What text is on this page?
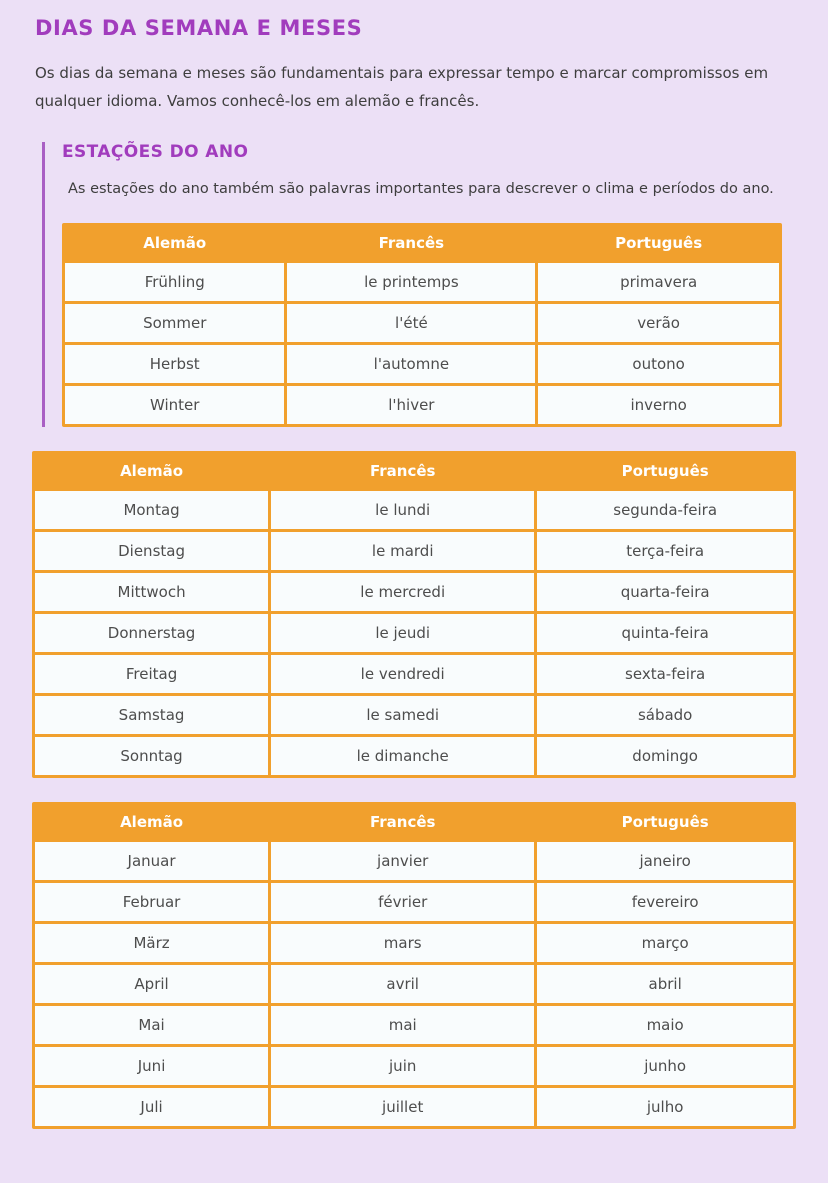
DIAS DA SEMANA E MESES

Os dias da semana e meses são fundamentais para expressar tempo e marcar compromissos em qualquer idioma. Vamos conhecê-los em alemão e francês.

ESTAÇÕES DO ANO

As estações do ano também são palavras importantes para descrever o clima e períodos do ano.

Alemão	Francês	Português
Frühling	le printemps	primavera
Sommer	l'été	verão
Herbst	l'automne	outono
Winter	l'hiver	inverno
Alemão	Francês	Português
Montag	le lundi	segunda-feira
Dienstag	le mardi	terça-feira
Mittwoch	le mercredi	quarta-feira
Donnerstag	le jeudi	quinta-feira
Freitag	le vendredi	sexta-feira
Samstag	le samedi	sábado
Sonntag	le dimanche	domingo
Alemão	Francês	Português
Januar	janvier	janeiro
Februar	février	fevereiro
März	mars	março
April	avril	abril
Mai	mai	maio
Juni	juin	junho
Juli	juillet	julho
